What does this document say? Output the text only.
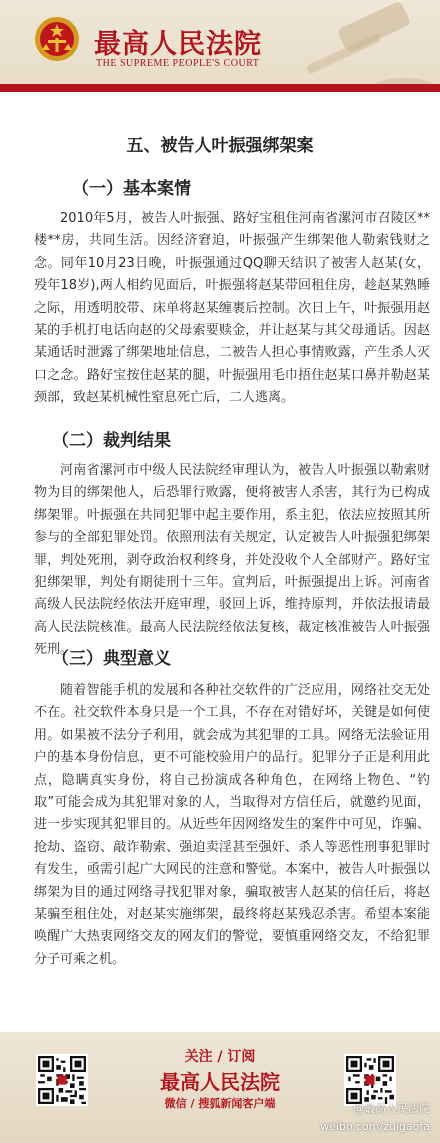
最高人民法院
THE SUPREME PEOPLE'S COURT
五、被告人叶振强绑架案
（一）基本案情

2010年5月，被告人叶振强、路好宝租住河南省漯河市召陵区**楼**房，共同生活。因经济窘迫，叶振强产生绑架他人勒索钱财之念。同年10月23日晚，叶振强通过QQ聊天结识了被害人赵某(女，殁年18岁),两人相约见面后，叶振强将赵某带回租住房，趁赵某熟睡之际，用透明胶带、床单将赵某缠裹后控制。次日上午，叶振强用赵某的手机打电话向赵的父母索要赎金，并让赵某与其父母通话。因赵某通话时泄露了绑架地址信息，二被告人担心事情败露，产生杀人灭口之念。路好宝按住赵某的腿，叶振强用毛巾捂住赵某口鼻并勒赵某颈部，致赵某机械性窒息死亡后，二人逃离。

（二）裁判结果

河南省漯河市中级人民法院经审理认为，被告人叶振强以勒索财物为目的绑架他人，后恐罪行败露，便将被害人杀害，其行为已构成绑架罪。叶振强在共同犯罪中起主要作用，系主犯，依法应按照其所参与的全部犯罪处罚。依照刑法有关规定，认定被告人叶振强犯绑架罪，判处死刑，剥夺政治权利终身，并处没收个人全部财产。路好宝犯绑架罪，判处有期徒刑十三年。宣判后，叶振强提出上诉。河南省高级人民法院经依法开庭审理，驳回上诉，维持原判，并依法报请最高人民法院核准。最高人民法院经依法复核，裁定核准被告人叶振强死刑。

（三）典型意义

随着智能手机的发展和各种社交软件的广泛应用，网络社交无处不在。社交软件本身只是一个工具，不存在对错好坏，关键是如何使用。如果被不法分子利用，就会成为其犯罪的工具。网络无法验证用户的基本身份信息，更不可能校验用户的品行。犯罪分子正是利用此点，隐瞒真实身份，将自己扮演成各种角色，在网络上物色、“钓取”可能会成为其犯罪对象的人，当取得对方信任后，就邀约见面，进一步实现其犯罪目的。从近些年因网络发生的案件中可见，诈骗、抢劫、盗窃、敲诈勒索、强迫卖淫甚至强奸、杀人等恶性刑事犯罪时有发生，亟需引起广大网民的注意和警觉。本案中，被告人叶振强以绑架为目的通过网络寻找犯罪对象，骗取被害人赵某的信任后，将赵某骗至租住处，对赵某实施绑架，最终将赵某残忍杀害。希望本案能唤醒广大热衷网络交友的网友们的警觉，要慎重网络交友，不给犯罪分子可乘之机。

关注 / 订阅
最高人民法院
微信 / 搜狐新闻客户端	@最高人民法院
weibo.com/zuigaofa
